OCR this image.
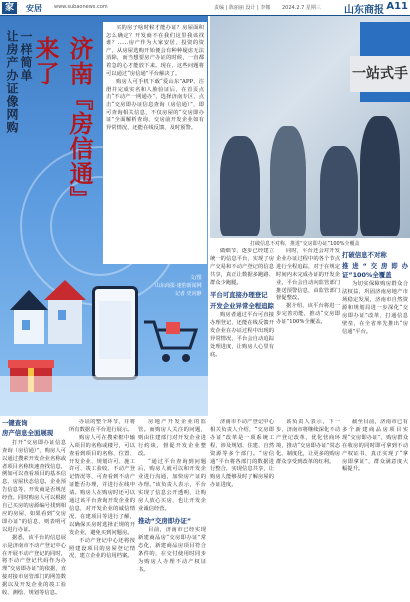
家	安居 www.subaonews.com	责编 | 陈丽丽 设计 | 李娜 2024.2.7 星期三 山东商报 A11
济南『房信通』
来了
让房产办证像网购 一样简单

买的房子啥时候才能办证？房屋面积怎么确定？开发商不在我们这里我该找谁？……房产作为大家安居、投资的资产，从房屋选购开始便会有种种疑虑无法消除，而当想要房产办证的时候，一直都着急的心才能放下来。现在，这些问题将可以通过“房信通”平台解决了。

购房人可手机下载“爱山东”APP，注册并完成实名和人脸验证后，在首页点击“不动产一网通办”，选择济南专区，点击“交房即办证信息查询（房信通）”，即可查询相关信息，不仅房屋的“交房即办证”全面解析查询，交房前开发企业如有异常情况，还能在线反馈，及时预警。

文/图
山东商报·速豹新闻网
记者 史向静
一站式手
打破信息不对称，推进“交房即办证”100%全覆盖
一键查询
房产信息全面展现

打开“交房即办证信息查询（房信通）”，购房人可以通过搜索开发企业名称或者项目名称快速查找信息，例如可以查看项目的基本信息、房屋状态信息，企业预告信息等，开发商是否规范经营。同时购房人可以根据自己买房的房源编号找到相应的房屋，如果看到“交房即办证”的信息，则表明可以进行办证。

据悉，该平台的信息展示是济南市不动产登记中心在开展不动产登记的同时，将不动产登记代码作为办理“交房即办证”的依据，直接对接市房管部门的网签数据以及开发企业的竣工验收、测绘、规划等信息。

办证的整个环节，并将所有数据在平台进行展示。

购房人可在搜索框中输入项目的名称或楼号，可以查看到项目的名称、位置、开发企业、规划许可、施工许可、竣工验收、不动产登记情况等，可查看到不动产证能否办理，并进行在线申请。购房人在购房时还可以通过该平台查询开发企业的信息，对开发企业的诚信情况、在建项目等进行了解，以确保买房时选择正规的开发企业，避免买到问题房。

不动产登记中心还将按照建设项目的房屋登记情况，建立企业的信用档案。

房地产开发企业的监管。而购房人关注的问题，则由住建部门对开发企业进行约谈，督促开发企业整改。

“通过平台查询到问题后，购房人就可以和开发企业进行沟通，加快房产证的办理。”该负责人表示，平台实现了信息公开透明，让购房人放心买房，也让开发企业诚信经营。

推动“交房即办证”

目前，济南市已经实现新建商品房“交房即办证”常态化，新建商品房项目符合条件的，在交付使用时同步为购房人办理不动产权证书。

做细节，逐步已经建立统一的信息平台，实现了房产交易和不动产登记的信息共享，真正让数据多跑路、群众少跑腿。

平台可直接办理登记
开发企业异常全程追踪

购房者通过平台可直接办理登记，还能在线反馈开发企业在办证过程中出现的异常情况，平台会自动追踪处理进度，让购房人心里有底。

同时，平台还会对开发企业办证过程中的各个节点进行全程追踪，对于在规定时间内未完成办证的开发企业，平台会自动向监管部门推送预警信息，由监管部门督促整改。

据介绍，该平台将进一步完善功能，推动“交房即办证”100%全覆盖。

打破信息不对称
推进“交房即办证”100%全覆盖

为切实保障购房群众合法权益，巩固济南房地产市场稳定发展，济南市自然资源和规划局进一步深化“交房即办证”改革，打通信息壁垒，在全省率先推出“房信通”平台。

济南市不动产登记中心相关负责人介绍，“交房即办证”改革是一项系统工程，涉及规划、住建、自然资源等多个部门。“房信通”平台将各部门的数据进行整合，实现信息共享，让购房人能够及时了解房屋的办证进度。

该负责人表示，下一步，济南市将继续深化不动产登记改革，优化营商环境，推动“交房即办证”常态化、制度化，让更多的购房群众享受到改革的红利。

截至目前，济南市已有多个新建商品房项目实现“交房即办证”，购房群众在收房的同时即可拿到不动产权证书，真正实现了“拿房即拿证”，群众满意度大幅提升。
